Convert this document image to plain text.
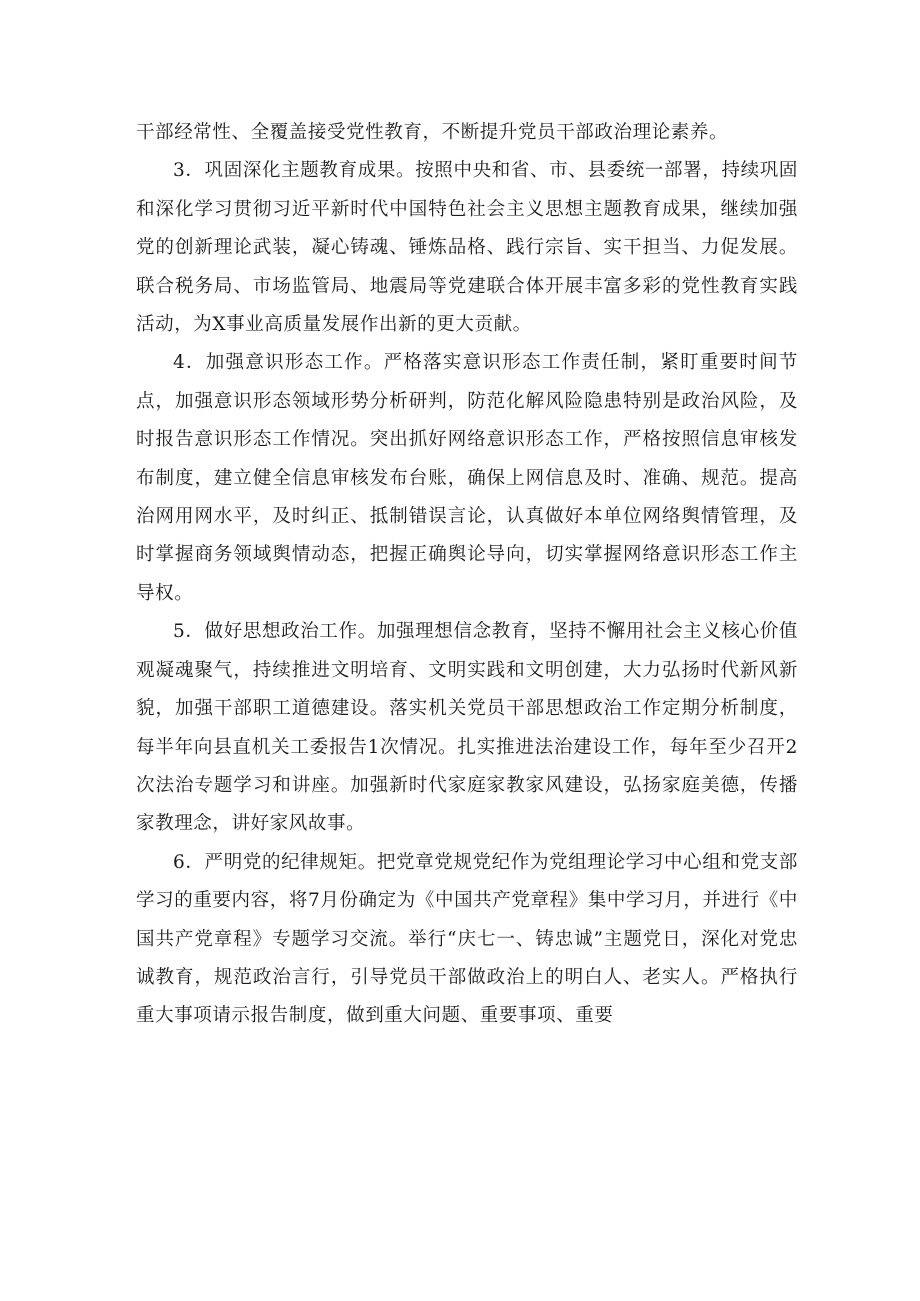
干部经常性、全覆盖接受党性教育，不断提升党员干部政治理论素养。

3．巩固深化主题教育成果。按照中央和省、市、县委统一部署，持续巩固和深化学习贯彻习近平新时代中国特色社会主义思想主题教育成果，继续加强党的创新理论武装，凝心铸魂、锤炼品格、践行宗旨、实干担当、力促发展。联合税务局、市场监管局、地震局等党建联合体开展丰富多彩的党性教育实践活动，为X事业高质量发展作出新的更大贡献。

4．加强意识形态工作。严格落实意识形态工作责任制，紧盯重要时间节点，加强意识形态领域形势分析研判，防范化解风险隐患特别是政治风险，及时报告意识形态工作情况。突出抓好网络意识形态工作，严格按照信息审核发布制度，建立健全信息审核发布台账，确保上网信息及时、准确、规范。提高治网用网水平，及时纠正、抵制错误言论，认真做好本单位网络舆情管理，及时掌握商务领域舆情动态，把握正确舆论导向，切实掌握网络意识形态工作主导权。

5．做好思想政治工作。加强理想信念教育，坚持不懈用社会主义核心价值观凝魂聚气，持续推进文明培育、文明实践和文明创建，大力弘扬时代新风新貌，加强干部职工道德建设。落实机关党员干部思想政治工作定期分析制度，每半年向县直机关工委报告1次情况。扎实推进法治建设工作，每年至少召开2次法治专题学习和讲座。加强新时代家庭家教家风建设，弘扬家庭美德，传播家教理念，讲好家风故事。

6．严明党的纪律规矩。把党章党规党纪作为党组理论学习中心组和党支部学习的重要内容，将7月份确定为《中国共产党章程》集中学习月，并进行《中国共产党章程》专题学习交流。举行“庆七一、铸忠诚”主题党日，深化对党忠诚教育，规范政治言行，引导党员干部做政治上的明白人、老实人。严格执行重大事项请示报告制度，做到重大问题、重要事项、重要
